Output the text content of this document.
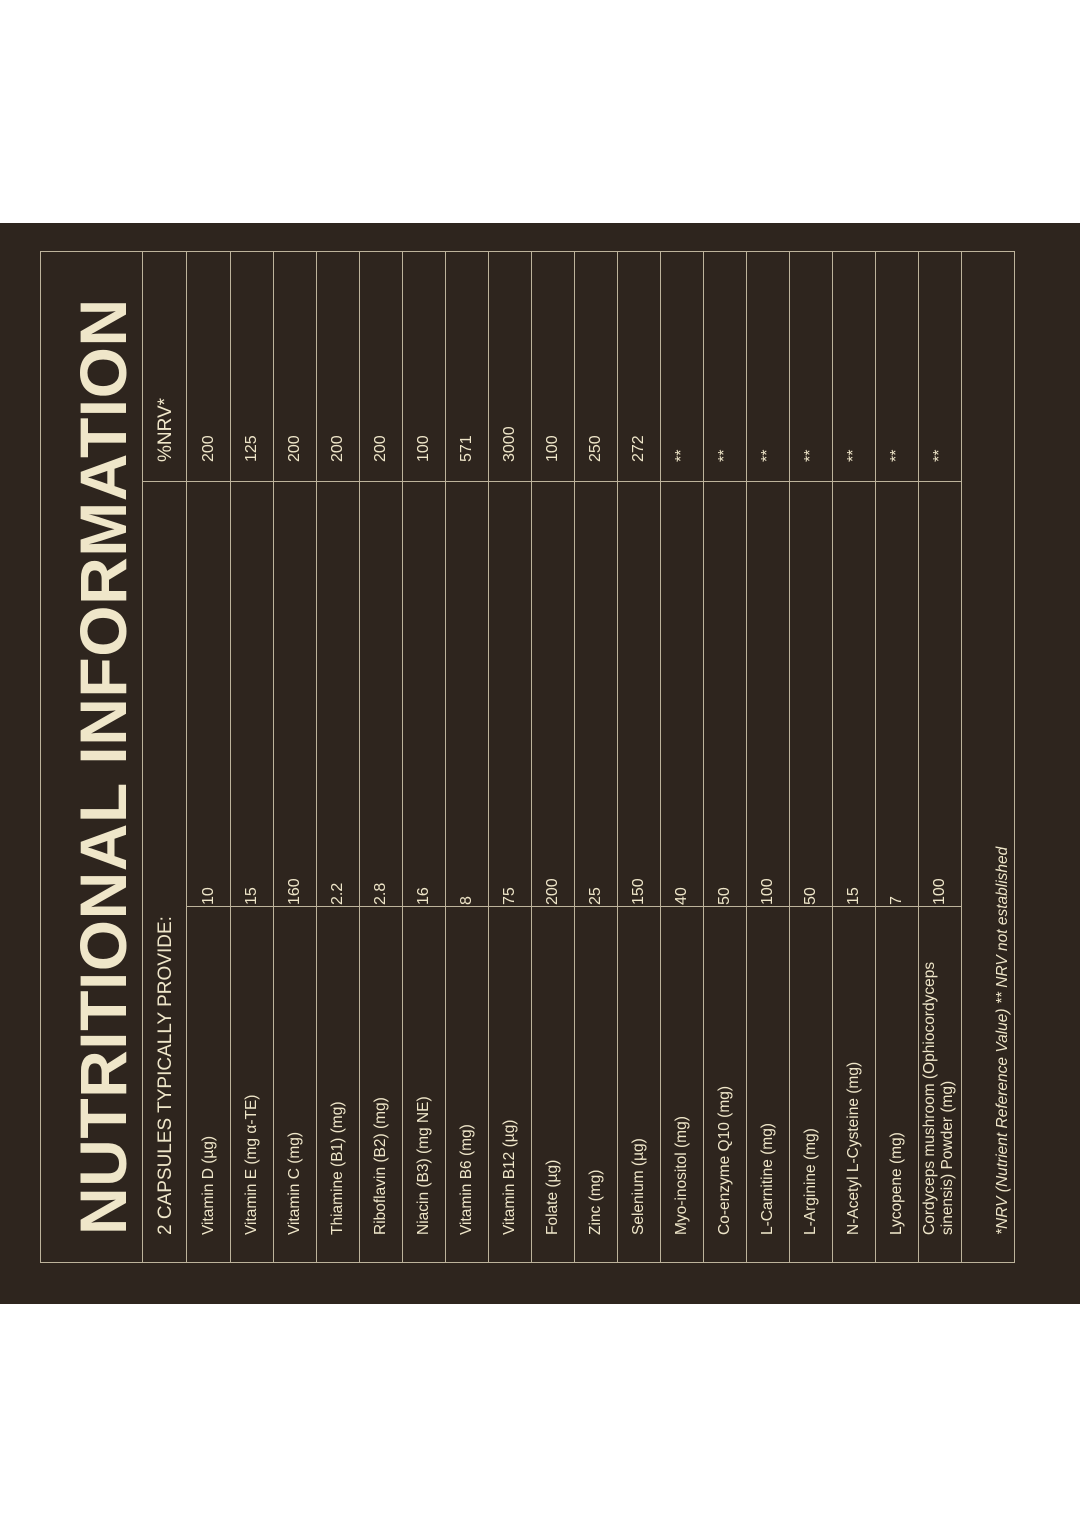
NUTRITIONAL INFORMATION 2 CAPSULES TYPICALLY PROVIDE:
%NRV*
Vitamin D (µg)
10
200
Vitamin E (mg α-TE)
15
125
Vitamin C (mg)
160
200
Thiamine (B1) (mg)
2.2
200
Riboflavin (B2) (mg)
2.8
200
Niacin (B3) (mg NE)
16
100
Vitamin B6 (mg)
8
571
Vitamin B12 (µg)
75
3000
Folate (µg)
200
100
Zinc (mg)
25
250
Selenium (µg)
150
272
Myo-inositol (mg)
40
**
Co-enzyme Q10 (mg)
50
**
L-Carnitine (mg)
100
**
L-Arginine (mg)
50
**
N-Acetyl L-Cysteine (mg)
15
**
Lycopene (mg)
7
**
Cordyceps mushroom (Ophiocordyceps sinensis) Powder (mg)
100
**
*NRV (Nutrient Reference Value) ** NRV not established
